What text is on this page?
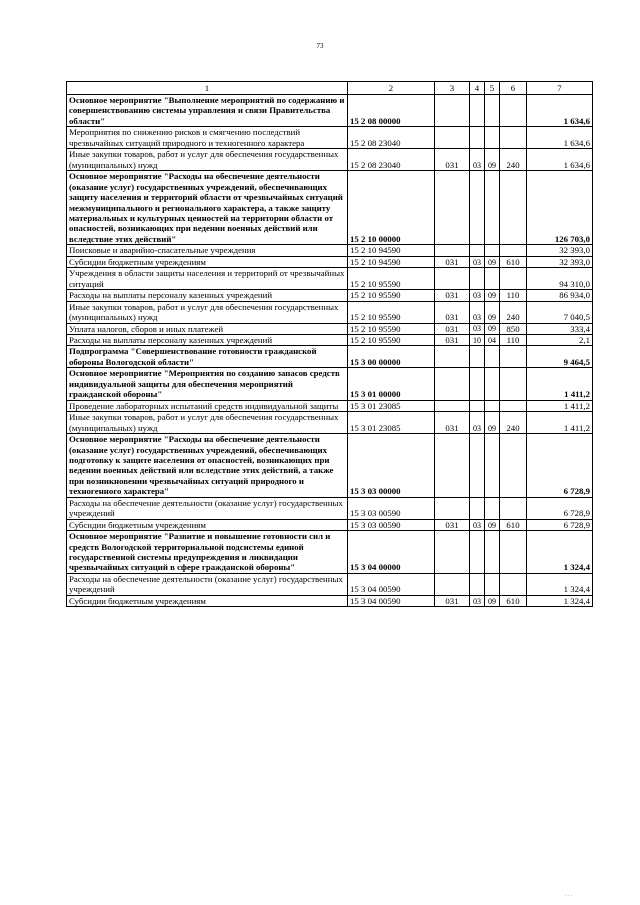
73
1	2	3	4	5	6	7
Основное мероприятие "Выполнение мероприятий по содержанию и совершенствованию системы управления и связи Правительства области"	15 2 08 00000					1 634,6
Мероприятия по снижению рисков и смягчению последствий чрезвычайных ситуаций природного и техногенного характера	15 2 08 23040					1 634,6
Иные закупки товаров, работ и услуг для обеспечения государственных (муниципальных) нужд	15 2 08 23040	031	03	09	240	1 634,6
Основное мероприятие "Расходы на обеспечение деятельности (оказание услуг) государственных учреждений, обеспечивающих защиту населения и территорий области от чрезвычайных ситуаций межмуниципального и регионального характера, а также защиту материальных и культурных ценностей на территории области от опасностей, возникающих при ведении военных действий или вследствие этих действий"	15 2 10 00000					126 703,0
Поисковые и аварийно-спасательные учреждения	15 2 10 94590					32 393,0
Субсидии бюджетным учреждениям	15 2 10 94590	031	03	09	610	32 393,0
Учреждения в области защиты населения и территорий от чрезвычайных ситуаций	15 2 10 95590					94 310,0
Расходы на выплаты персоналу казенных учреждений	15 2 10 95590	031	03	09	110	86 934,0
Иные закупки товаров, работ и услуг для обеспечения государственных (муниципальных) нужд	15 2 10 95590	031	03	09	240	7 040,5
Уплата налогов, сборов и иных платежей	15 2 10 95590	031	03	09	850	333,4
Расходы на выплаты персоналу казенных учреждений	15 2 10 95590	031	10	04	110	2,1
Подпрограмма "Совершенствование готовности гражданской обороны Вологодской области"	15 3 00 00000					9 464,5
Основное мероприятие "Мероприятия по созданию запасов средств индивидуальной защиты для обеспечения мероприятий гражданской обороны"	15 3 01 00000					1 411,2
Проведение лабораторных испытаний средств индивидуальной защиты	15 3 01 23085					1 411,2
Иные закупки товаров, работ и услуг для обеспечения государственных (муниципальных) нужд	15 3 01 23085	031	03	09	240	1 411,2
Основное мероприятие "Расходы на обеспечение деятельности (оказание услуг) государственных учреждений, обеспечивающих подготовку к защите населения от опасностей, возникающих при ведении военных действий или вследствие этих действий, а также при возникновении чрезвычайных ситуаций природного и техногенного характера"	15 3 03 00000					6 728,9
Расходы на обеспечение деятельности (оказание услуг) государственных учреждений	15 3 03 00590					6 728,9
Субсидии бюджетным учреждениям	15 3 03 00590	031	03	09	610	6 728,9
Основное мероприятие "Развитие и повышение готовности сил и средств Вологодской территориальной подсистемы единой государственной системы предупреждения и ликвидации чрезвычайных ситуаций в сфере гражданской обороны"	15 3 04 00000					1 324,4
Расходы на обеспечение деятельности (оказание услуг) государственных учреждений	15 3 04 00590					1 324,4
Субсидии бюджетным учреждениям	15 3 04 00590	031	03	09	610	1 324,4
⋅ ⋅ ⋅
